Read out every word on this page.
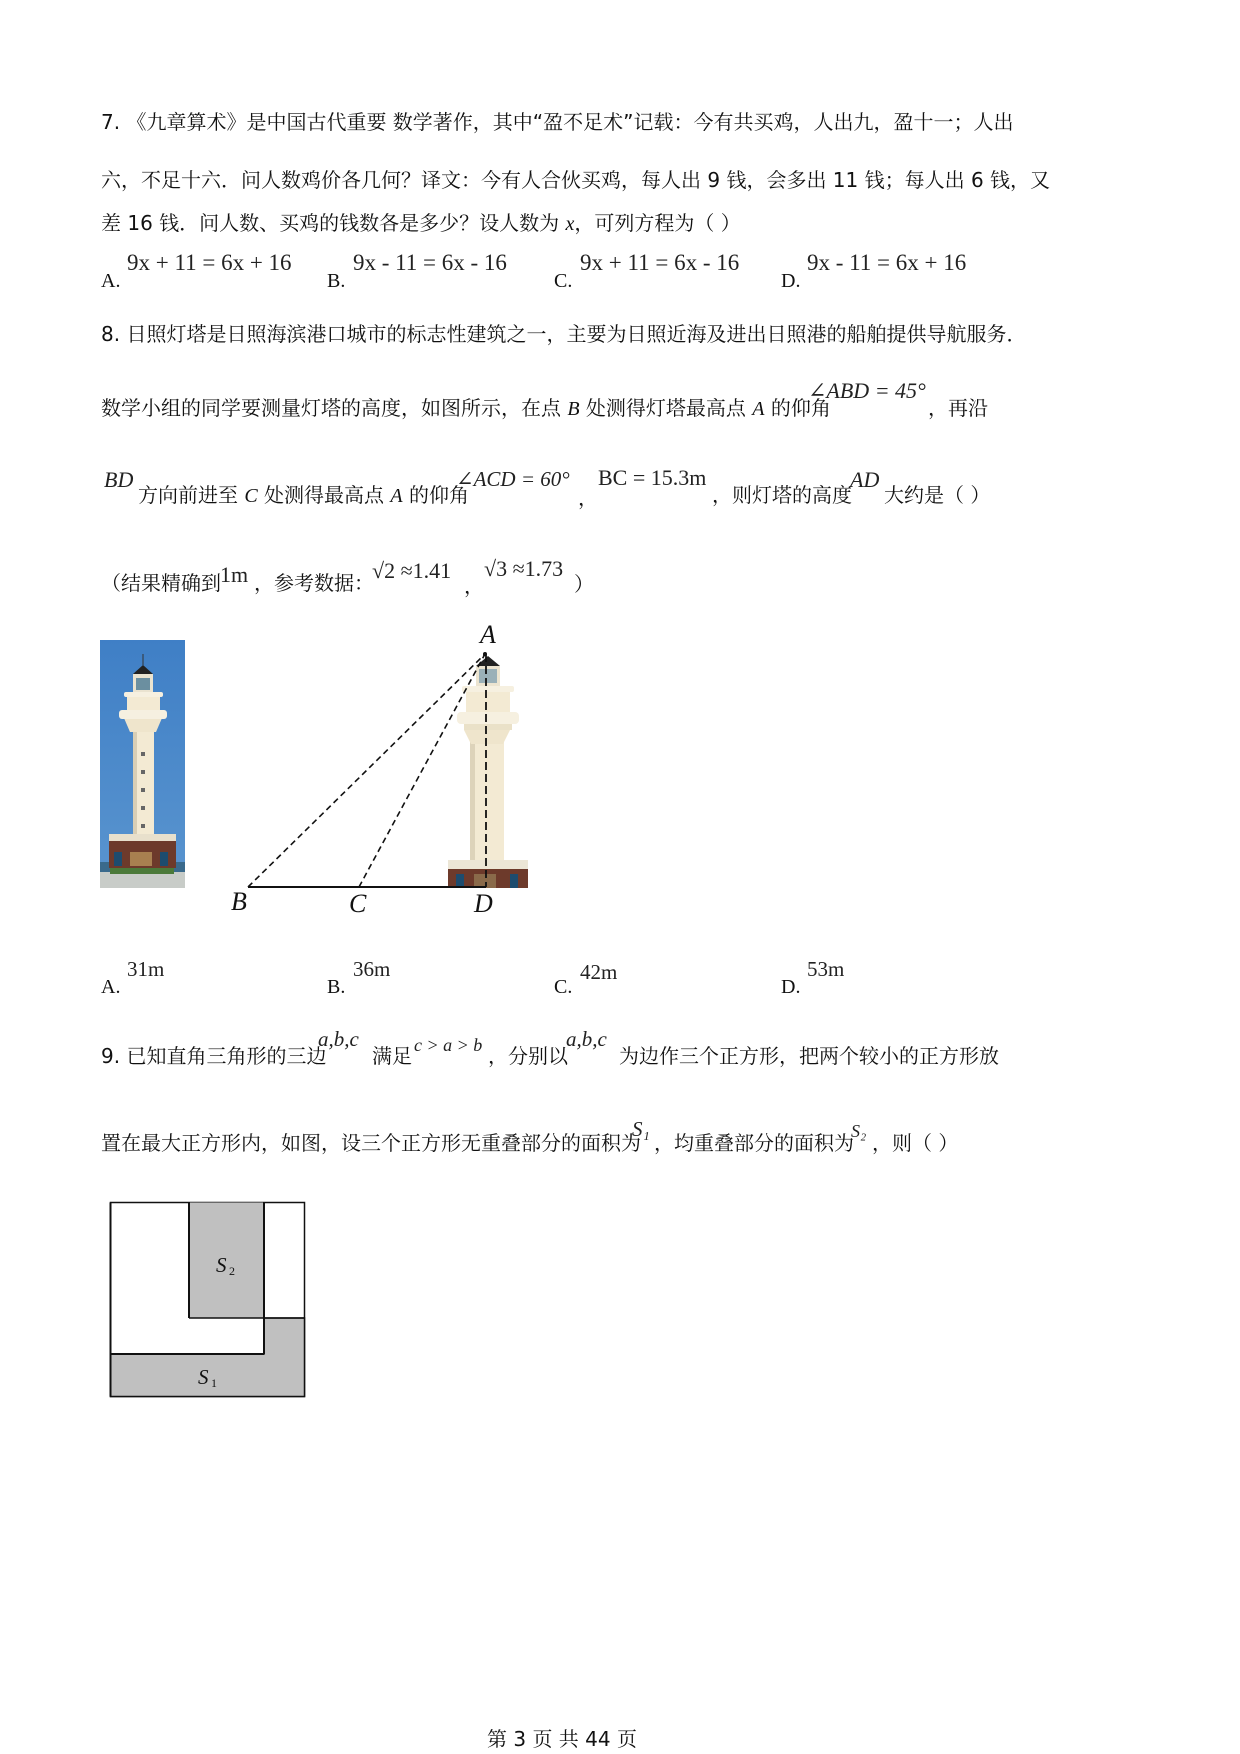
7. 《九章算术》是中国古代重要 数学著作，其中“盈不足术”记载：今有共买鸡，人出九，盈十一；人出
六，不足十六．问人数鸡价各几何？译文：今有人合伙买鸡，每人出 9 钱，会多出 11 钱；每人出 6 钱，又
差 16 钱．问人数、买鸡的钱数各是多少？设人数为 x，可列方程为（ ）
A.
9x + 11 = 6x + 16
B.
9x - 11 = 6x - 16
C.
9x + 11 = 6x - 16
D.
9x - 11 = 6x + 16
8. 日照灯塔是日照海滨港口城市的标志性建筑之一，主要为日照近海及进出日照港的船舶提供导航服务．
数学小组的同学要测量灯塔的高度，如图所示，在点 B 处测得灯塔最高点 A 的仰角
∠ABD = 45°
，再沿
BD
方向前进至 C 处测得最高点 A 的仰角
∠ACD = 60°
，
BC = 15.3m
，则灯塔的高度
AD
大约是（ ）
（结果精确到 1m ，参考数据：
√2 ≈1.41
，
√3 ≈1.73
）
A
B	C	D
A.
31m
B.
36m
C.
42m
D.
53m
9. 已知直角三角形的三边
a,b,c
满足 c > a > b ，分别以
a,b,c
为边作三个正方形，把两个较小的正方形放
置在最大正方形内，如图，设三个正方形无重叠部分的面积为
S₁
，均重叠部分的面积为
S₂ ，则（ ）
S 2
S 1
第 3 页 共 44 页
